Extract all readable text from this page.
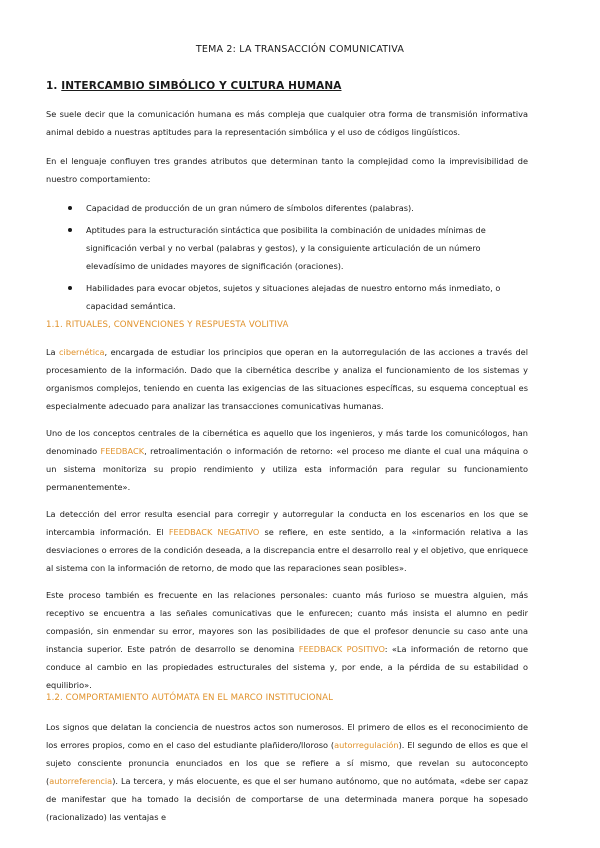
TEMA 2: LA TRANSACCIÓN COMUNICATIVA
1. INTERCAMBIO SIMBÓLICO Y CULTURA HUMANA

Se suele decir que la comunicación humana es más compleja que cualquier otra forma de transmisión informativa animal debido a nuestras aptitudes para la representación simbólica y el uso de códigos lingüísticos.

En el lenguaje confluyen tres grandes atributos que determinan tanto la complejidad como la imprevisibilidad de nuestro comportamiento:

Capacidad de producción de un gran número de símbolos diferentes (palabras).
Aptitudes para la estructuración sintáctica que posibilita la combinación de unidades mínimas de significación verbal y no verbal (palabras y gestos), y la consiguiente articulación de un número elevadísimo de unidades mayores de significación (oraciones).
Habilidades para evocar objetos, sujetos y situaciones alejadas de nuestro entorno más inmediato, o capacidad semántica.
1.1. RITUALES, CONVENCIONES Y RESPUESTA VOLITIVA

La cibernética, encargada de estudiar los principios que operan en la autorregulación de las acciones a través del procesamiento de la información. Dado que la cibernética describe y analiza el funcionamiento de los sistemas y organismos complejos, teniendo en cuenta las exigencias de las situaciones específicas, su esquema conceptual es especialmente adecuado para analizar las transacciones comunicativas humanas.

Uno de los conceptos centrales de la cibernética es aquello que los ingenieros, y más tarde los comunicólogos, han denominado FEEDBACK, retroalimentación o información de retorno: «el proceso me diante el cual una máquina o un sistema monitoriza su propio rendimiento y utiliza esta información para regular su funcionamiento permanentemente».

La detección del error resulta esencial para corregir y autorregular la conducta en los escenarios en los que se intercambia información. El FEEDBACK NEGATIVO se refiere, en este sentido, a la «información relativa a las desviaciones o errores de la condición deseada, a la discrepancia entre el desarrollo real y el objetivo, que enriquece al sistema con la información de retorno, de modo que las reparaciones sean posibles».

Este proceso también es frecuente en las relaciones personales: cuanto más furioso se muestra alguien, más receptivo se encuentra a las señales comunicativas que le enfurecen; cuanto más insista el alumno en pedir compasión, sin enmendar su error, mayores son las posibilidades de que el profesor denuncie su caso ante una instancia superior. Este patrón de desarrollo se denomina FEEDBACK POSITIVO: «La información de retorno que conduce al cambio en las propiedades estructurales del sistema y, por ende, a la pérdida de su estabilidad o equilibrio».

1.2. COMPORTAMIENTO AUTÓMATA EN EL MARCO INSTITUCIONAL

Los signos que delatan la conciencia de nuestros actos son numerosos. El primero de ellos es el reconocimiento de los errores propios, como en el caso del estudiante plañidero/lloroso (autorregulación). El segundo de ellos es que el sujeto consciente pronuncia enunciados en los que se refiere a sí mismo, que revelan su autoconcepto (autorreferencia). La tercera, y más elocuente, es que el ser humano autónomo, que no autómata, «debe ser capaz de manifestar que ha tomado la decisión de comportarse de una determinada manera porque ha sopesado (racionalizado) las ventajas e
